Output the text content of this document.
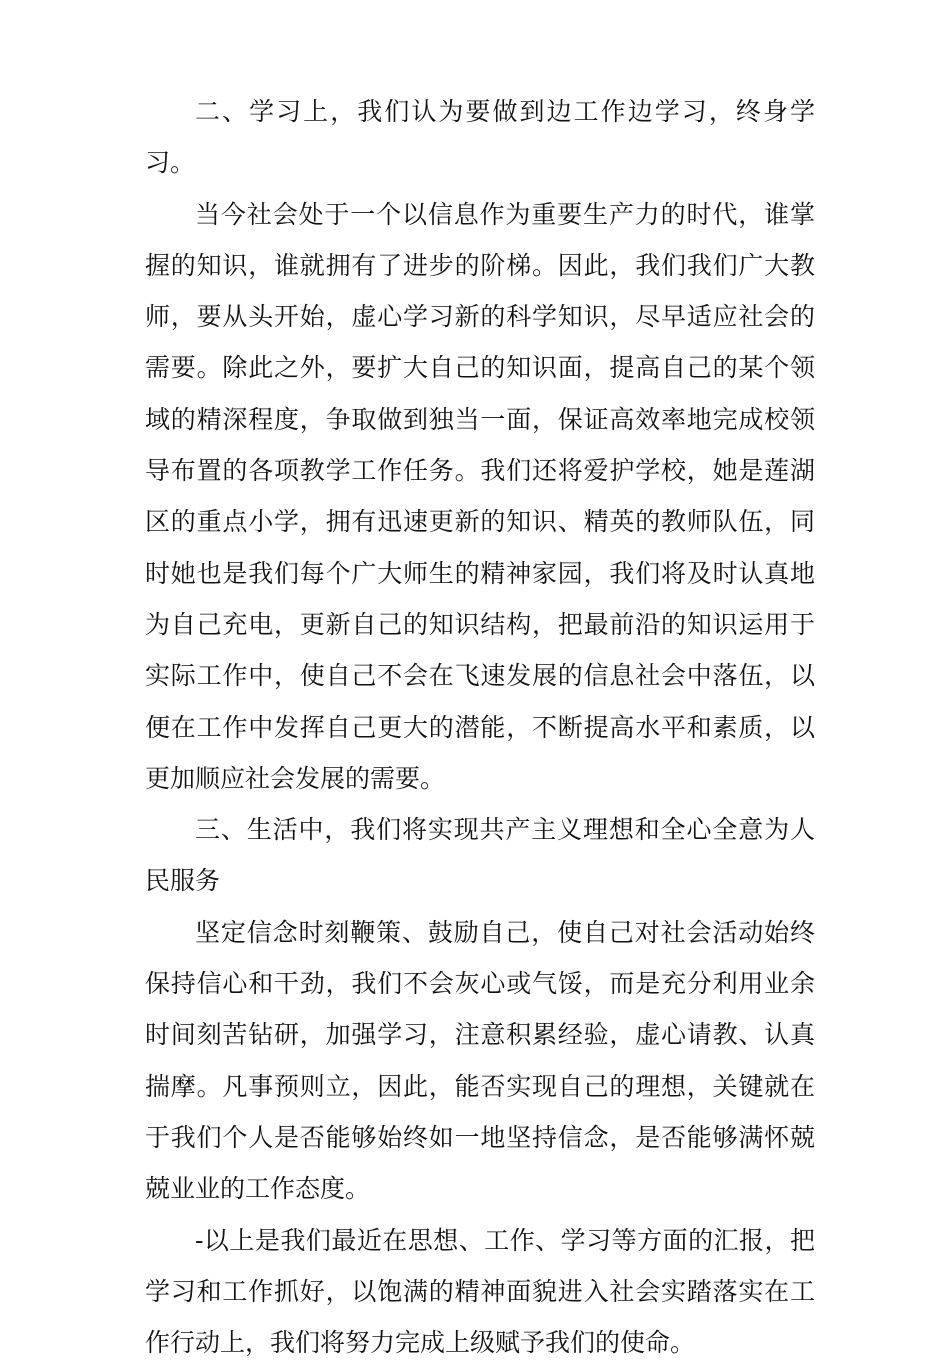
二、学习上，我们认为要做到边工作边学习，终身学习。

当今社会处于一个以信息作为重要生产力的时代，谁掌握的知识，谁就拥有了进步的阶梯。因此，我们我们广大教师，要从头开始，虚心学习新的科学知识，尽早适应社会的需要。除此之外，要扩大自己的知识面，提高自己的某个领域的精深程度，争取做到独当一面，保证高效率地完成校领导布置的各项教学工作任务。我们还将爱护学校，她是莲湖区的重点小学，拥有迅速更新的知识、精英的教师队伍，同时她也是我们每个广大师生的精神家园，我们将及时认真地为自己充电，更新自己的知识结构，把最前沿的知识运用于实际工作中，使自己不会在飞速发展的信息社会中落伍，以便在工作中发挥自己更大的潜能，不断提高水平和素质，以更加顺应社会发展的需要。

三、生活中，我们将实现共产主义理想和全心全意为人民服务

坚定信念时刻鞭策、鼓励自己，使自己对社会活动始终保持信心和干劲，我们不会灰心或气馁，而是充分利用业余时间刻苦钻研，加强学习，注意积累经验，虚心请教、认真揣摩。凡事预则立，因此，能否实现自己的理想，关键就在于我们个人是否能够始终如一地坚持信念，是否能够满怀兢兢业业的工作态度。

-以上是我们最近在思想、工作、学习等方面的汇报，把学习和工作抓好，以饱满的精神面貌进入社会实踏落实在工作行动上，我们将努力完成上级赋予我们的使命。
